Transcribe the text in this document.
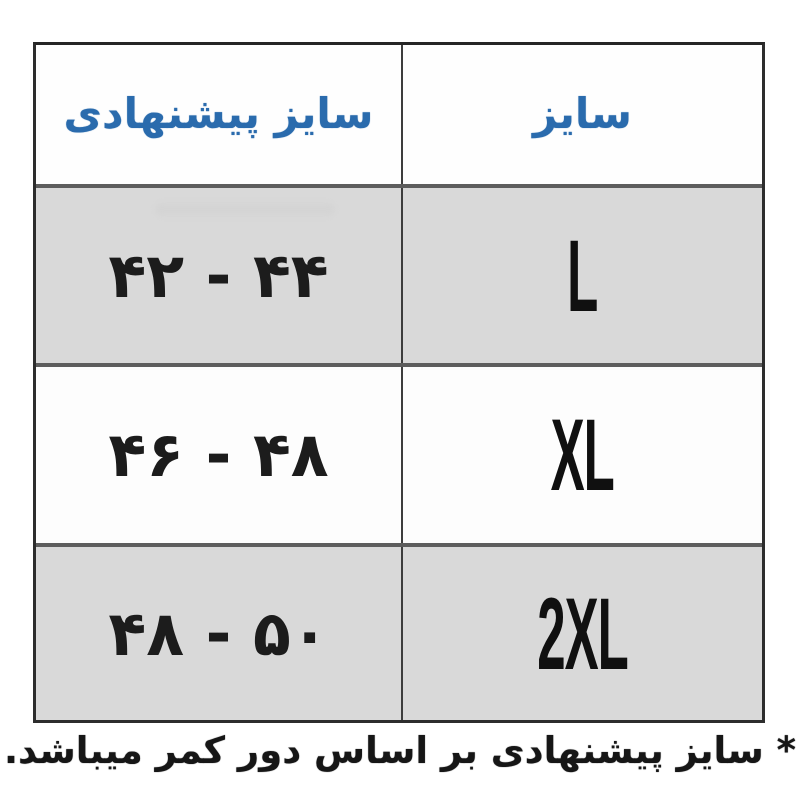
سایز پیشنهادی	سایز
۴۲ - ۴۴ L
۴۶ - ۴۸ XL
۴۸ - ۵۰ 2XL
* سایز پیشنهادی بر اساس دور کمر میباشد.
